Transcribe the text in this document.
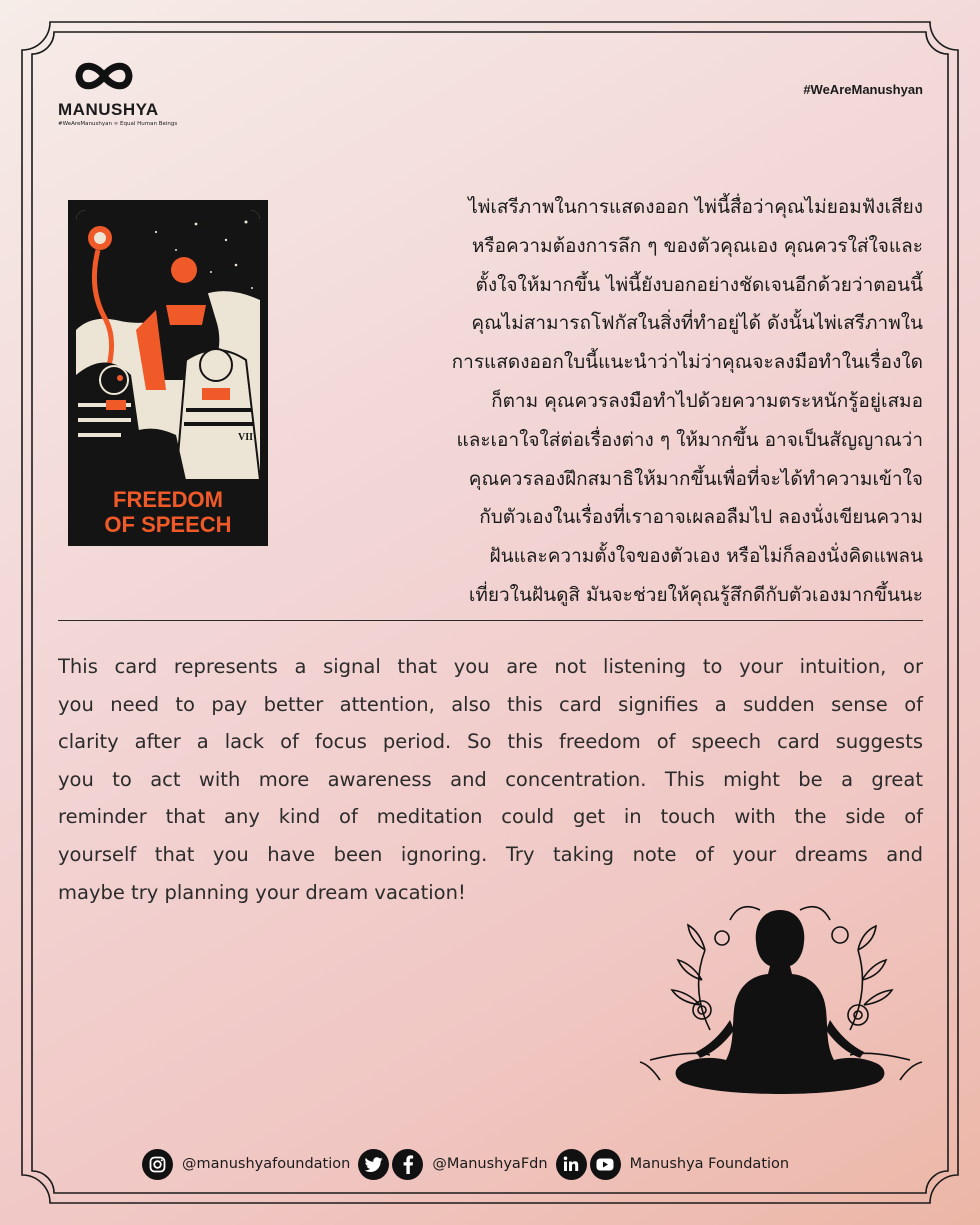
MANUSHYA
#WeAreManushyan ∞ Equal Human Beings
#WeAreManushyan
VII
FREEDOM
OF SPEECH
ไพ่เสรีภาพในการแสดงออก ไพ่นี้สื่อว่าคุณไม่ยอมฟังเสียง
หรือความต้องการลึก ๆ ของตัวคุณเอง คุณควรใส่ใจและ
ตั้งใจให้มากขึ้น ไพ่นี้ยังบอกอย่างชัดเจนอีกด้วยว่าตอนนี้
คุณไม่สามารถโฟกัสในสิ่งที่ทำอยู่ได้ ดังนั้นไพ่เสรีภาพใน
การแสดงออกใบนี้แนะนำว่าไม่ว่าคุณจะลงมือทำในเรื่องใด
ก็ตาม คุณควรลงมือทำไปด้วยความตระหนักรู้อยู่เสมอ
และเอาใจใส่ต่อเรื่องต่าง ๆ ให้มากขึ้น อาจเป็นสัญญาณว่า
คุณควรลองฝึกสมาธิให้มากขึ้นเพื่อที่จะได้ทำความเข้าใจ
กับตัวเองในเรื่องที่เราอาจเผลอลืมไป ลองนั่งเขียนความ
ฝันและความตั้งใจของตัวเอง หรือไม่ก็ลองนั่งคิดแพลน
เที่ยวในฝันดูสิ มันจะช่วยให้คุณรู้สึกดีกับตัวเองมากขึ้นนะ
This card represents a signal that you are not listening to your intuition, or
you need to pay better attention, also this card signifies a sudden sense of
clarity after a lack of focus period. So this freedom of speech card suggests
you to act with more awareness and concentration. This might be a great
reminder that any kind of meditation could get in touch with the side of
yourself that you have been ignoring. Try taking note of your dreams and
maybe try planning your dream vacation!
@manushyafoundation	@ManushyaFdn	Manushya Foundation
